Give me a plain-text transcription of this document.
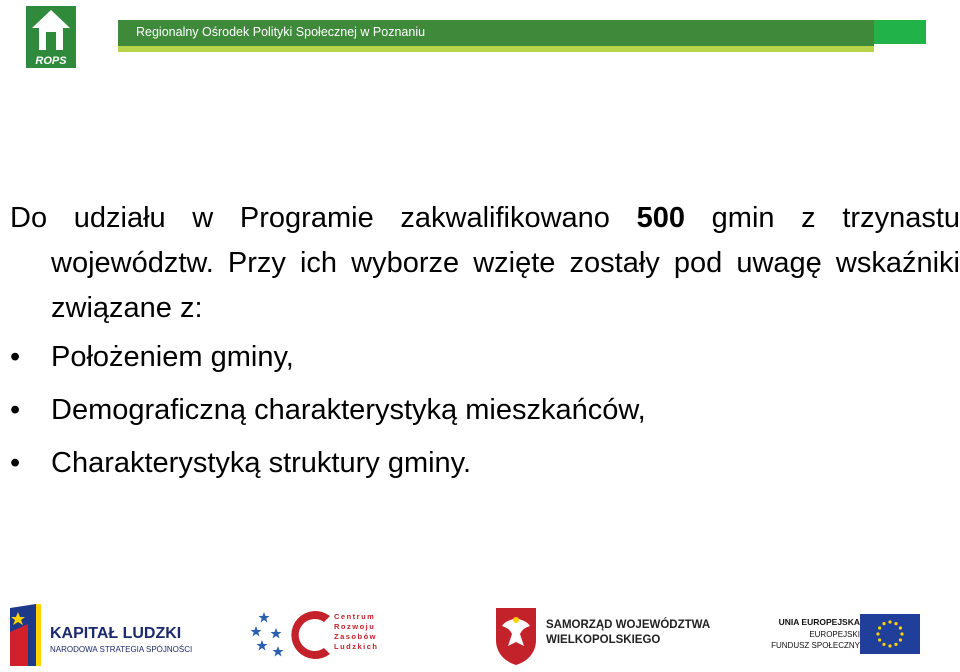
ROPS
Regionalny Ośrodek Polityki Społecznej w Poznaniu

Do udziału w Programie zakwalifikowano 500 gmin z trzynastu województw. Przy ich wyborze wzięte zostały pod uwagę wskaźniki związane z:

• Położeniem gminy,
• Demograficzną charakterystyką mieszkańców,
• Charakterystyką struktury gminy.
KAPITAŁ LUDZKI
NARODOWA STRATEGIA SPÓJNOŚCI
Centrum
Rozwoju
Zasobów
Ludzkich
SAMORZĄD WOJEWÓDZTWA
WIELKOPOLSKIEGO
UNIA EUROPEJSKA
EUROPEJSKI
FUNDUSZ SPOŁECZNY
